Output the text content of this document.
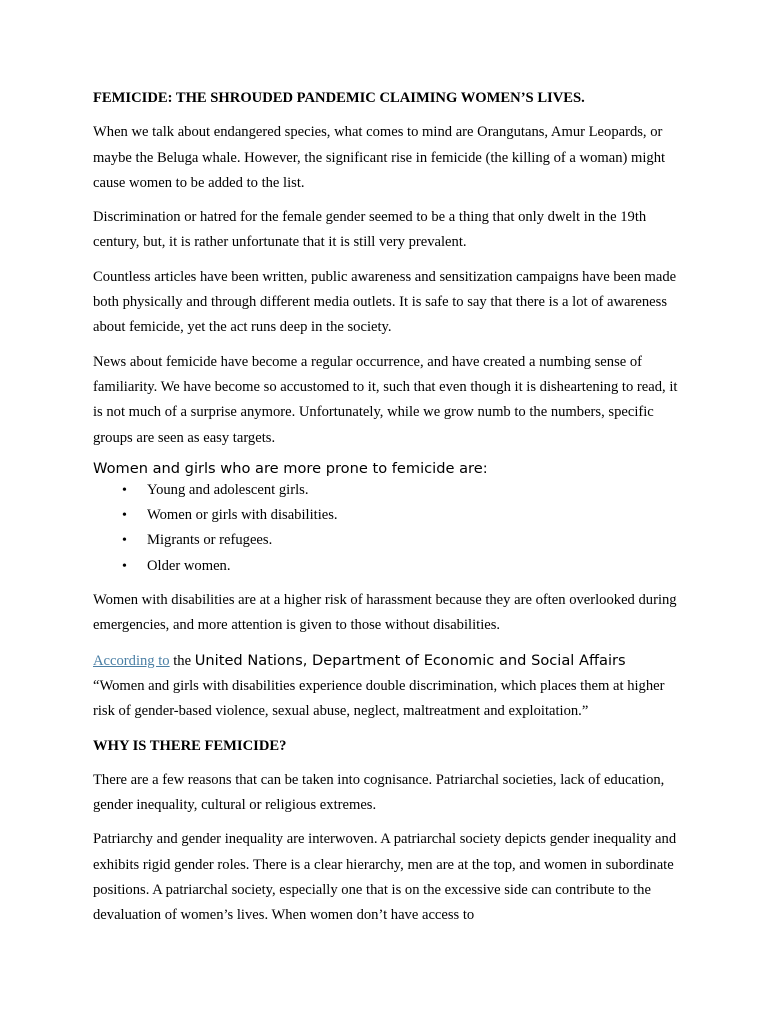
FEMICIDE: THE SHROUDED PANDEMIC CLAIMING WOMEN’S LIVES.

When we talk about endangered species, what comes to mind are Orangutans, Amur Leopards, or maybe the Beluga whale. However, the significant rise in femicide (the killing of a woman) might cause women to be added to the list.

Discrimination or hatred for the female gender seemed to be a thing that only dwelt in the 19th century, but, it is rather unfortunate that it is still very prevalent.

Countless articles have been written, public awareness and sensitization campaigns have been made both physically and through different media outlets. It is safe to say that there is a lot of awareness about femicide, yet the act runs deep in the society.

News about femicide have become a regular occurrence, and have created a numbing sense of familiarity. We have become so accustomed to it, such that even though it is disheartening to read, it is not much of a surprise anymore. Unfortunately, while we grow numb to the numbers, specific groups are seen as easy targets.

Women and girls who are more prone to femicide are:
• Young and adolescent girls.
• Women or girls with disabilities.
• Migrants or refugees.
• Older women.

Women with disabilities are at a higher risk of harassment because they are often overlooked during emergencies, and more attention is given to those without disabilities.

According to the United Nations, Department of Economic and Social Affairs
“Women and girls with disabilities experience double discrimination, which places them at higher risk of gender-based violence, sexual abuse, neglect, maltreatment and exploitation.”

WHY IS THERE FEMICIDE?

There are a few reasons that can be taken into cognisance. Patriarchal societies, lack of education, gender inequality, cultural or religious extremes.

Patriarchy and gender inequality are interwoven. A patriarchal society depicts gender inequality and exhibits rigid gender roles. There is a clear hierarchy, men are at the top, and women in subordinate positions. A patriarchal society, especially one that is on the excessive side can contribute to the devaluation of women’s lives. When women don’t have access to
